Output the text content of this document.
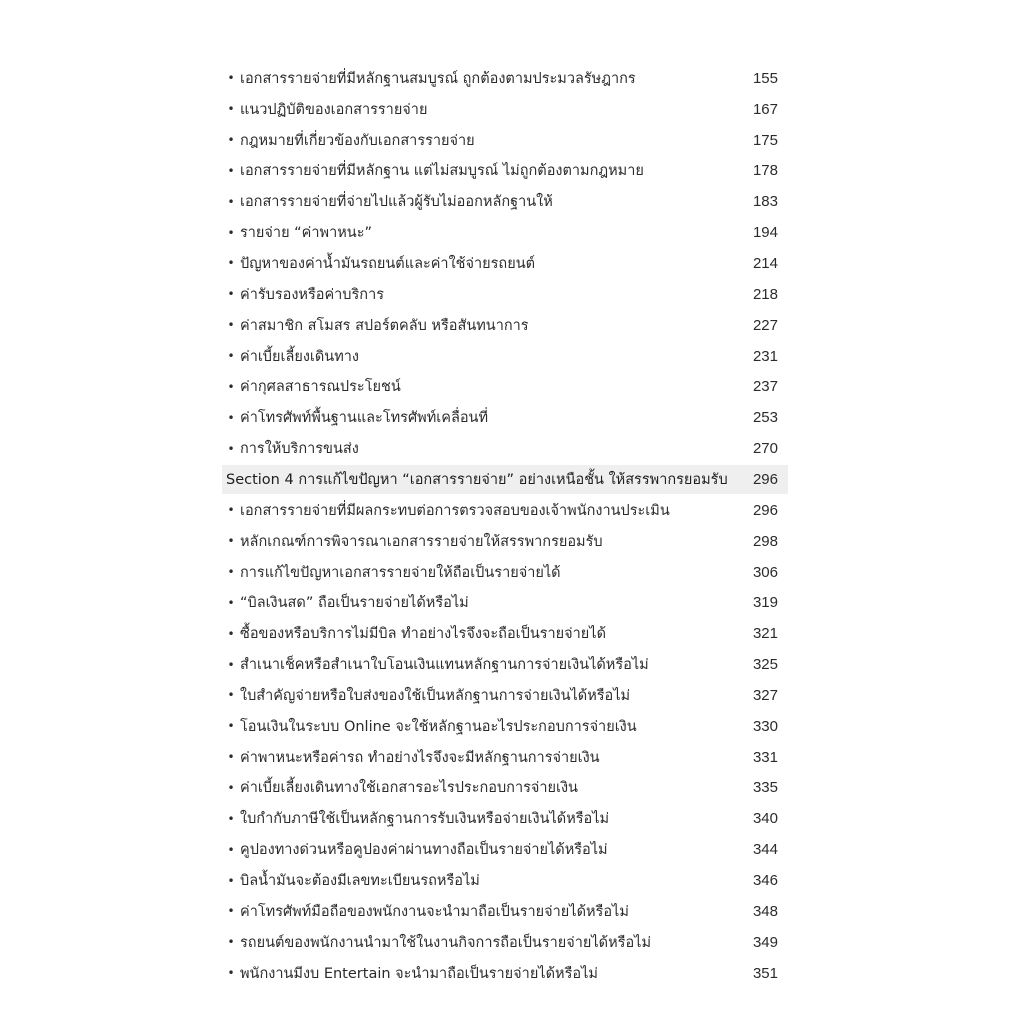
• เอกสารรายจ่ายที่มีหลักฐานสมบูรณ์ ถูกต้องตามประมวลรัษฎากร	155
• แนวปฏิบัติของเอกสารรายจ่าย	167
• กฎหมายที่เกี่ยวข้องกับเอกสารรายจ่าย	175
• เอกสารรายจ่ายที่มีหลักฐาน แต่ไม่สมบูรณ์ ไม่ถูกต้องตามกฎหมาย	178
• เอกสารรายจ่ายที่จ่ายไปแล้วผู้รับไม่ออกหลักฐานให้	183
• รายจ่าย “ค่าพาหนะ”	194
• ปัญหาของค่าน้ำมันรถยนต์และค่าใช้จ่ายรถยนต์	214
• ค่ารับรองหรือค่าบริการ	218
• ค่าสมาชิก สโมสร สปอร์ตคลับ หรือสันทนาการ	227
• ค่าเบี้ยเลี้ยงเดินทาง	231
• ค่ากุศลสาธารณประโยชน์	237
• ค่าโทรศัพท์พื้นฐานและโทรศัพท์เคลื่อนที่	253
• การให้บริการขนส่ง	270
Section 4 การแก้ไขปัญหา “เอกสารรายจ่าย” อย่างเหนือชั้น ให้สรรพากรยอมรับ	296
• เอกสารรายจ่ายที่มีผลกระทบต่อการตรวจสอบของเจ้าพนักงานประเมิน	296
• หลักเกณฑ์การพิจารณาเอกสารรายจ่ายให้สรรพากรยอมรับ	298
• การแก้ไขปัญหาเอกสารรายจ่ายให้ถือเป็นรายจ่ายได้	306
• “บิลเงินสด” ถือเป็นรายจ่ายได้หรือไม่	319
• ซื้อของหรือบริการไม่มีบิล ทำอย่างไรจึงจะถือเป็นรายจ่ายได้	321
• สำเนาเช็คหรือสำเนาใบโอนเงินแทนหลักฐานการจ่ายเงินได้หรือไม่	325
• ใบสำคัญจ่ายหรือใบส่งของใช้เป็นหลักฐานการจ่ายเงินได้หรือไม่	327
• โอนเงินในระบบ Online จะใช้หลักฐานอะไรประกอบการจ่ายเงิน	330
• ค่าพาหนะหรือค่ารถ ทำอย่างไรจึงจะมีหลักฐานการจ่ายเงิน	331
• ค่าเบี้ยเลี้ยงเดินทางใช้เอกสารอะไรประกอบการจ่ายเงิน	335
• ใบกำกับภาษีใช้เป็นหลักฐานการรับเงินหรือจ่ายเงินได้หรือไม่	340
• คูปองทางด่วนหรือคูปองค่าผ่านทางถือเป็นรายจ่ายได้หรือไม่	344
• บิลน้ำมันจะต้องมีเลขทะเบียนรถหรือไม่	346
• ค่าโทรศัพท์มือถือของพนักงานจะนำมาถือเป็นรายจ่ายได้หรือไม่	348
• รถยนต์ของพนักงานนำมาใช้ในงานกิจการถือเป็นรายจ่ายได้หรือไม่	349
• พนักงานมีงบ Entertain จะนำมาถือเป็นรายจ่ายได้หรือไม่	351
